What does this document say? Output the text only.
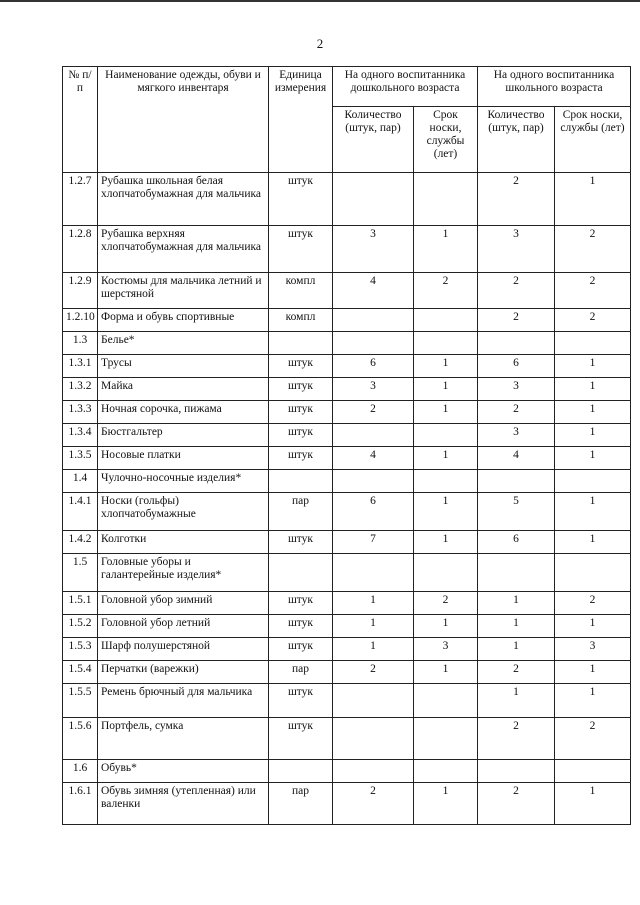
2
№ п/п	Наименование одежды, обуви и мягкого инвентаря	Единица измерения	На одного воспитанника дошкольного возраста		На одного воспитанника школьного возраста	
			Количество (штук, пар)	Срок носки, службы (лет)	Количество (штук, пар)	Срок носки, службы (лет)
1.2.7	Рубашка школьная белая хлопчатобумажная для мальчика	штук			2	1
1.2.8	Рубашка верхняя хлопчатобумажная для мальчика	штук	3	1	3	2
1.2.9	Костюмы для мальчика летний и шерстяной	компл	4	2	2	2
1.2.10	Форма и обувь спортивные	компл			2	2
1.3	Белье*					
1.3.1	Трусы	штук	6	1	6	1
1.3.2	Майка	штук	3	1	3	1
1.3.3	Ночная сорочка, пижама	штук	2	1	2	1
1.3.4	Бюстгальтер	штук			3	1
1.3.5	Носовые платки	штук	4	1	4	1
1.4	Чулочно-носочные изделия*					
1.4.1	Носки (гольфы) хлопчатобумажные	пар	6	1	5	1
1.4.2	Колготки	штук	7	1	6	1
1.5	Головные уборы и галантерейные изделия*					
1.5.1	Головной убор зимний	штук	1	2	1	2
1.5.2	Головной убор летний	штук	1	1	1	1
1.5.3	Шарф полушерстяной	штук	1	3	1	3
1.5.4	Перчатки (варежки)	пар	2	1	2	1
1.5.5	Ремень брючный для мальчика	штук			1	1
1.5.6	Портфель, сумка	штук			2	2
1.6	Обувь*					
1.6.1	Обувь зимняя (утепленная) или валенки	пар	2	1	2	1
